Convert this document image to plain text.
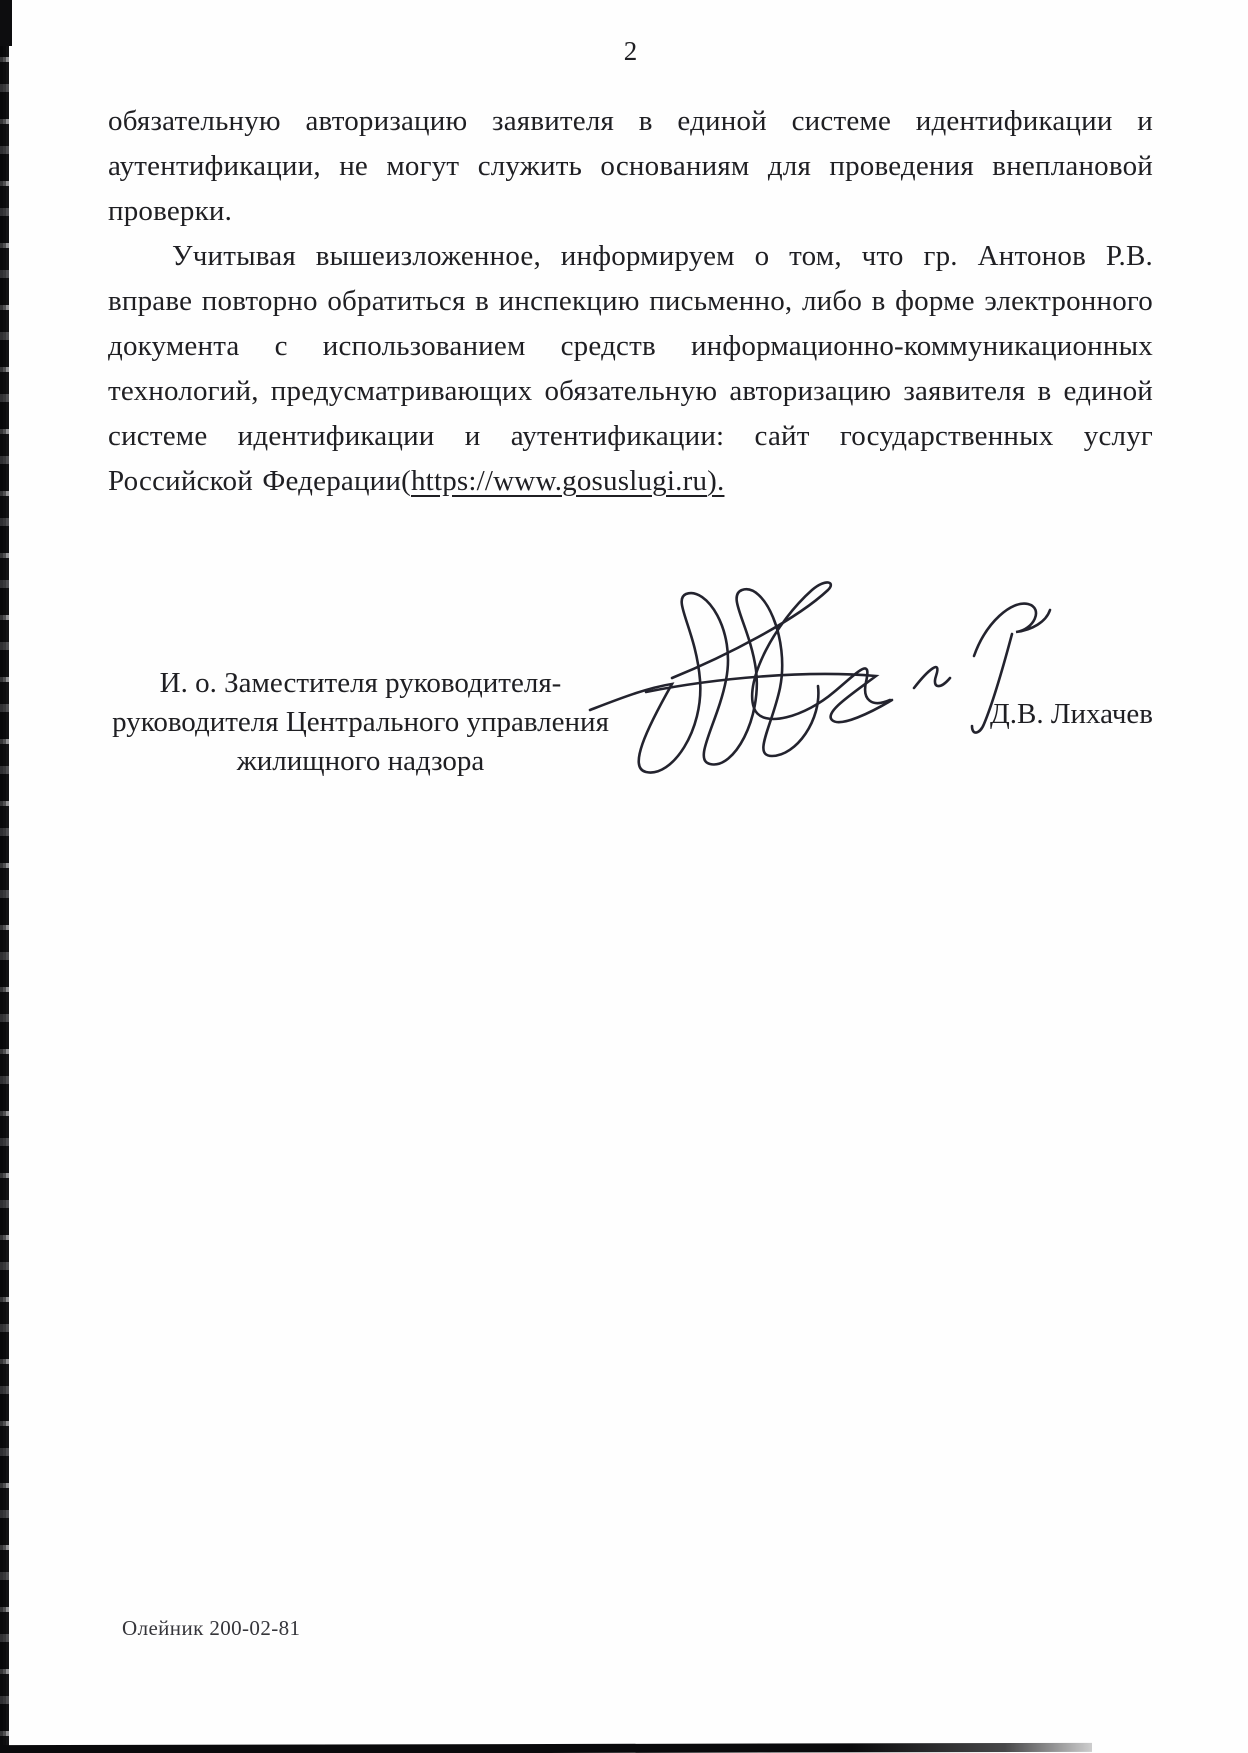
2

обязательную авторизацию заявителя в единой системе идентификации и аутентификации, не могут служить основаниям для проведения внеплановой проверки.

Учитывая вышеизложенное, информируем о том, что гр. Антонов Р.В. вправе повторно обратиться в инспекцию письменно, либо в форме электронного документа с использованием средств информационно-коммуникационных технологий, предусматривающих обязательную авторизацию заявителя в единой системе идентификации и аутентификации: сайт государственных услуг Российской Федерации(https://www.gosuslugi.ru).

И. о. Заместителя руководителя-
руководителя Центрального управления
жилищного надзора
Д.В. Лихачев
Олейник 200-02-81
